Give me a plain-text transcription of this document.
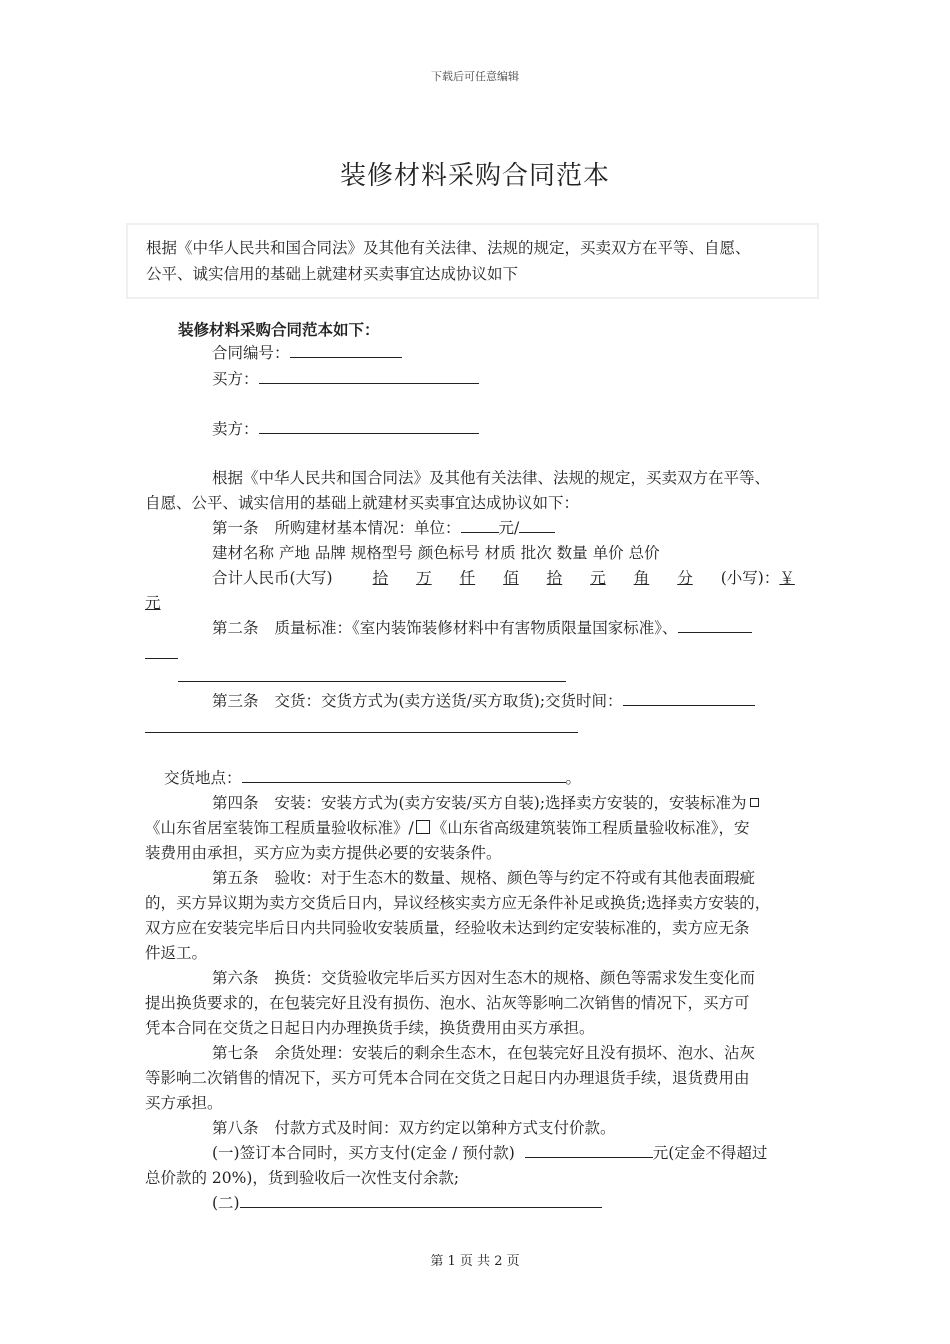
下载后可任意编辑
装修材料采购合同范本

根据《中华人民共和国合同法》及其他有关法律、法规的规定，买卖双方在平等、自愿、

公平、诚实信用的基础上就建材买卖事宜达成协议如下

装修材料采购合同范本如下：
合同编号：
买方：
卖方：
根据《中华人民共和国合同法》及其他有关法律、法规的规定，买卖双方在平等、
自愿、公平、诚实信用的基础上就建材买卖事宜达成协议如下：
第一条 所购建材基本情况：单位： 元/
建材名称 产地 品牌 规格型号 颜色标号 材质 批次 数量 单价 总价
合计人民币(大写)	拾 万 仟 佰 拾 元 角 分 (小写)：￥
元
第二条 质量标准：《室内装饰装修材料中有害物质限量国家标准》、
第三条 交货：交货方式为(卖方送货/买方取货);交货时间：
交货地点：	。
第四条 安装：安装方式为(卖方安装/买方自装);选择卖方安装的，安装标准为
《山东省居室装饰工程质量验收标准》/ 《山东省高级建筑装饰工程质量验收标准》，安
装费用由承担，买方应为卖方提供必要的安装条件。
第五条 验收：对于生态木的数量、规格、颜色等与约定不符或有其他表面瑕疵
的，买方异议期为卖方交货后日内，异议经核实卖方应无条件补足或换货;选择卖方安装的，
双方应在安装完毕后日内共同验收安装质量，经验收未达到约定安装标准的，卖方应无条
件返工。
第六条 换货：交货验收完毕后买方因对生态木的规格、颜色等需求发生变化而
提出换货要求的，在包装完好且没有损伤、泡水、沾灰等影响二次销售的情况下，买方可
凭本合同在交货之日起日内办理换货手续，换货费用由买方承担。
第七条 余货处理：安装后的剩余生态木，在包装完好且没有损坏、泡水、沾灰
等影响二次销售的情况下，买方可凭本合同在交货之日起日内办理退货手续，退货费用由
买方承担。
第八条 付款方式及时间：双方约定以第种方式支付价款。
(一)签订本合同时，买方支付(定金 / 预付款)	元(定金不得超过
总价款的 20%)，货到验收后一次性支付余款;
(二)
第 1 页 共 2 页
